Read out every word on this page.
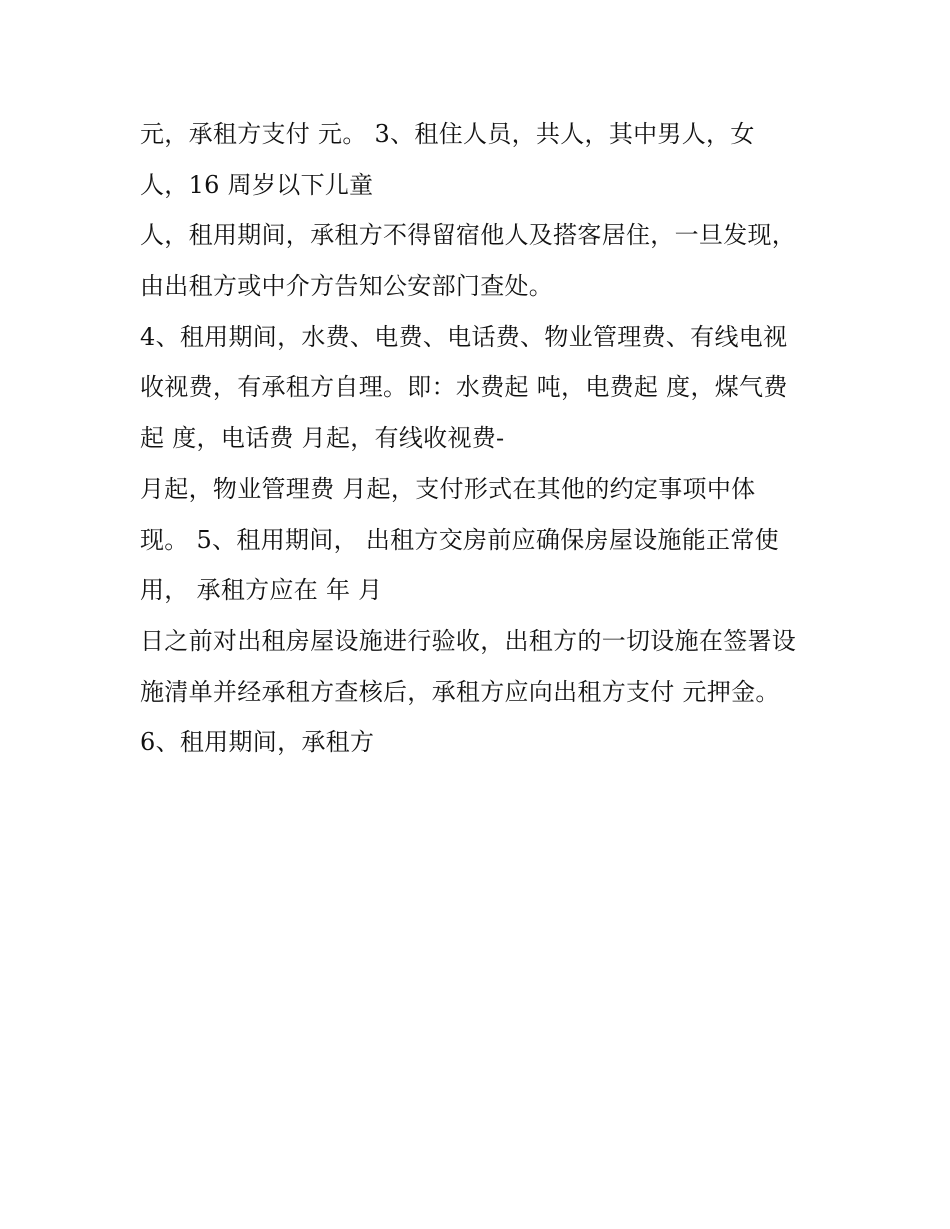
元，承租方支付 元。 3、租住人员，共人，其中男人，女
人，16 周岁以下儿童
人，租用期间，承租方不得留宿他人及搭客居住，一旦发现，
由出租方或中介方告知公安部门查处。
4、租用期间，水费、电费、电话费、物业管理费、有线电视
收视费，有承租方自理。即：水费起 吨，电费起 度，煤气费
起 度，电话费 月起，有线收视费-
月起，物业管理费 月起，支付形式在其他的约定事项中体
现。 5、租用期间， 出租方交房前应确保房屋设施能正常使
用， 承租方应在 年 月
日之前对出租房屋设施进行验收，出租方的一切设施在签署设
施清单并经承租方查核后，承租方应向出租方支付 元押金。
6、租用期间，承租方
